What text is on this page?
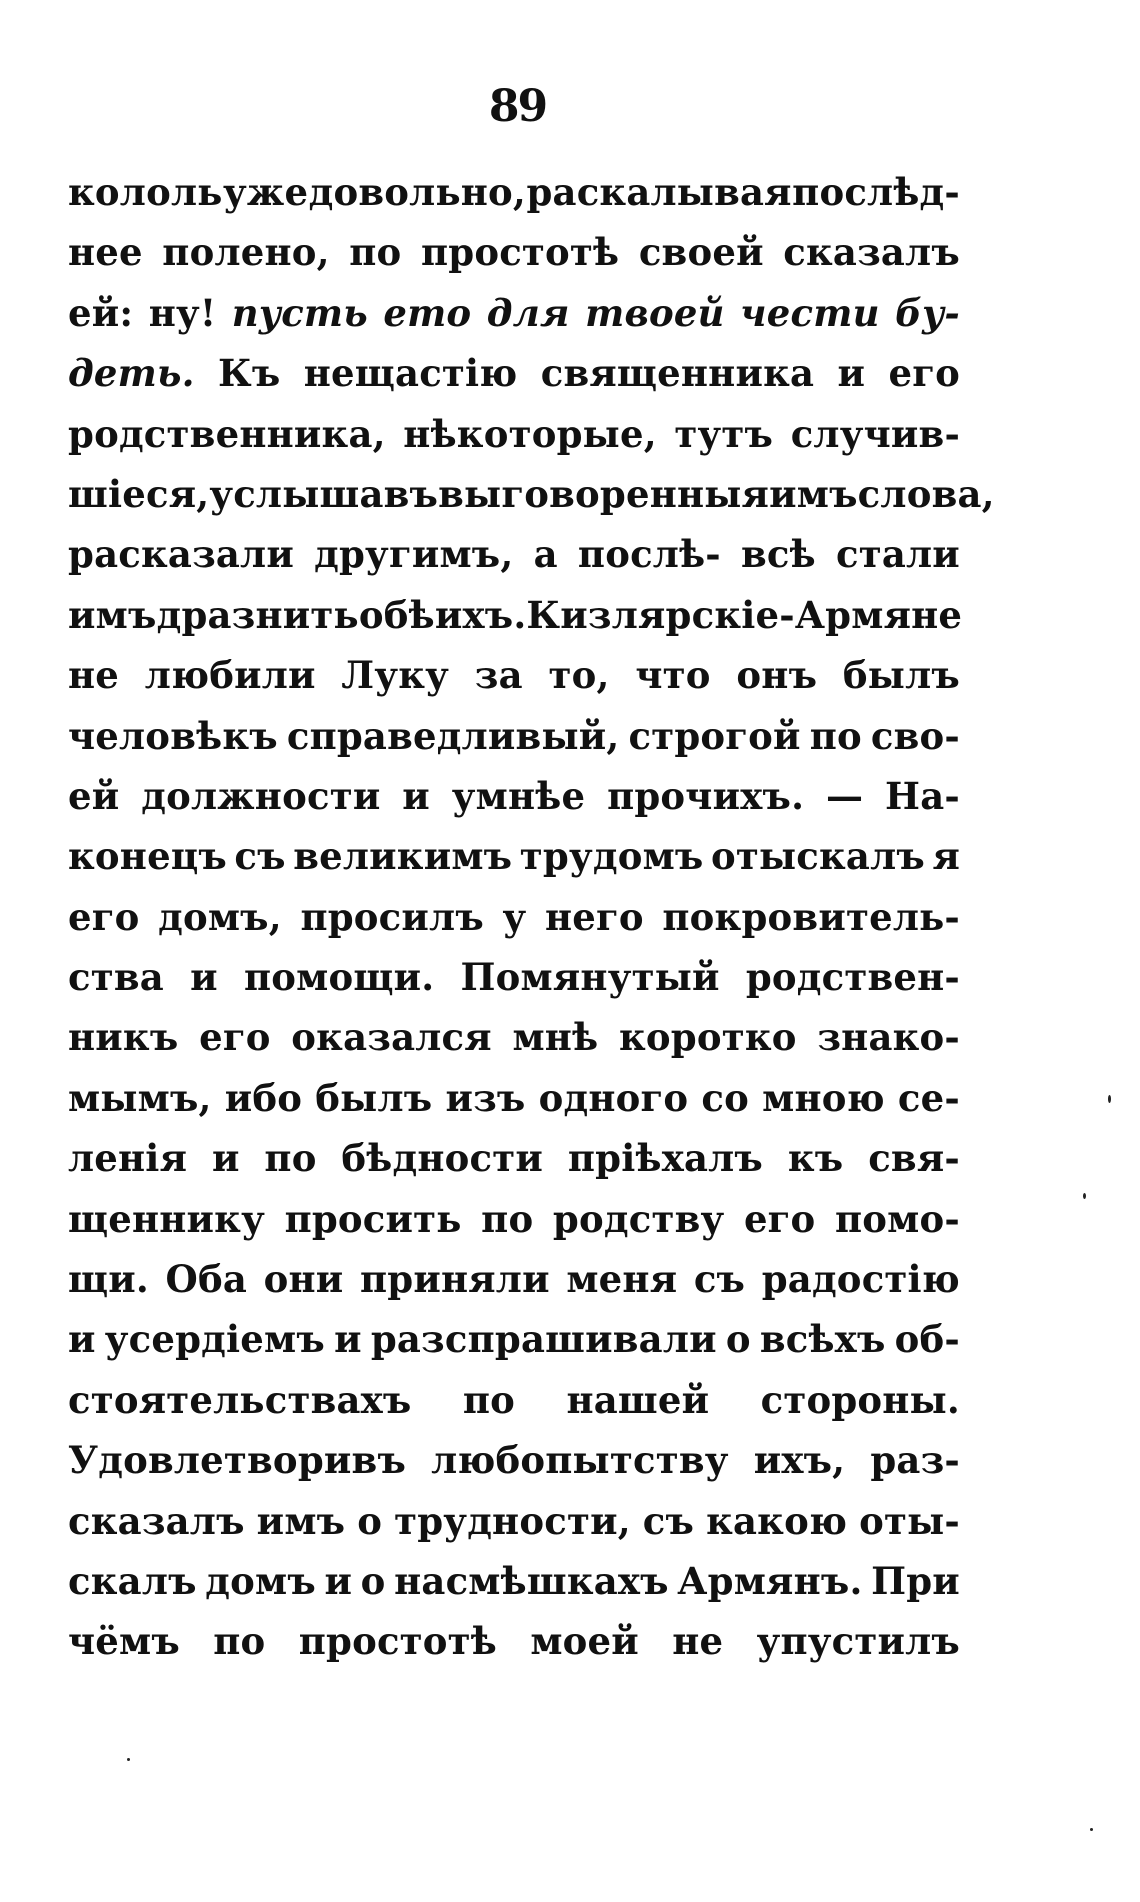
89
кололь уже довольно, раскалывая послѣд-
нее полено, по простотѣ своей сказалъ
ей: ну! пусть ето для твоей чести бу-
деть. Къ нещастію священника и его
родственника, нѣкоторые, тутъ случив-
шіеся, услышавъ выговоренныя имъ слова,
расказали другимъ, а послѣ- всѣ стали
имъ дразнить обѣихъ. Кизлярскіе-Армяне
не любили Луку за то, что онъ былъ
человѣкъ справедливый, строгой по сво-
ей должности и умнѣе прочихъ. — На-
конецъ съ великимъ трудомъ отыскалъ я
его домъ, просилъ у него покровитель-
ства и помощи. Помянутый родствен-
никъ его оказался мнѣ коротко знако-
мымъ, ибо былъ изъ одного со мною се-
ленія и по бѣдности пріѣхалъ къ свя-
щеннику просить по родству его помо-
щи. Оба они приняли меня съ радостію
и усердіемъ и разспрашивали о всѣхъ об-
стоятельствахъ по нашей стороны.
Удовлетворивъ любопытству ихъ, раз-
сказалъ имъ о трудности, съ какою оты-
скалъ домъ и о насмѣшкахъ Армянъ. При
чёмъ по простотѣ моей не упустилъ
